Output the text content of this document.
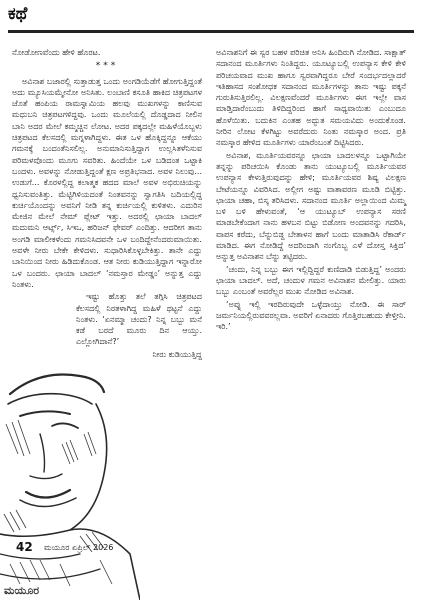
ಕಥೆ

ನೋಡೋಣವೆಂದು ಹೇಳಿ ಹೊರಟ.

***

ಅವಿನಾಶ ಬಜಾರಲ್ಲಿ ಸುತ್ತಾಡುತ್ತ ಒಂದು ಅಂಗಡಿಯೆಡೆಗೆ ಹೋಗುತ್ತಿದ್ದಂತೆ ಅದು ಮ್ಯೂಸಿಯಮ್ಮೇನೋ ಅನಿಸಿತು. ಲಂಬಾಣಿ ಕಸೂತಿ ಹಾಕಿದ ಚಿತ್ರಪಟಗಳ ಜೊತೆ ಹಂಪಿಯ ರಾಮಸ್ವಾಮಿಯ ಹಲವು ಮುಖಗಳನ್ನು ಕಾಣಿಸುವ ಮಧುಬನಿ ಚಿತ್ರಪಟಗಳಿದ್ದವು. ಒಂದು ಮೂಲೆಯಲ್ಲಿ ದೊಡ್ಡದಾದ ನೀಲಿನ ಬಾನಿ ಅದರ ಮೇಲೆ ಕಮ್ಮಚ್ಚಿನ ಲೋಟ. ಅದರ ಪಕ್ಕದಲ್ಲೇ ಮಹಿಳೆಯೊಬ್ಬಳು ಚಿತ್ರಪಟದ ಕೆಲಸದಲ್ಲಿ ಮಗ್ನಳಾಗಿದ್ದಳು. ಈತ ಒಳ ಹೊಕ್ಕಿದ್ದನ್ನೂ ಆಕೆಯು ಗಮನಕ್ಕೆ ಬಂದಂತೆನಿಸಲಿಲ್ಲ. ಅನುಮಾನಿಸುತ್ತಿದ್ದಾಗ ಉಲ್ಲಸಿತಳೆನಿಸುವ ಪರಿಮಳವೊಂದು ಮೂಗು ಸವರಿತು. ಹಿಂದೆಯೇ ಒಳ ಬಡಿದಂತ ಒಟ್ಟಾಕಿ ಬಂದಳು. ಅವಳನ್ನು ನೋಡುತ್ತಿದ್ದಂತೆ ಕ್ಷಣ ಅಪ್ರತಿಭನಾದ. ಅವಳ ನಿಲುವು... ಉಡುಗೆ... ಕೊರಳಲ್ಲಿದ್ದ ಕಲಾತ್ಮಕ ಹದದ ಮಾಲೆ ಅವಳ ಅಭಿರುಚಿಯನ್ನು ಧ್ವನಿಸುವಂತಿತ್ತು. ಮೆಟ್ಟಿಗಿಳಿಯದಂತೆ ನಿಂತವನನ್ನು ಸ್ವಾಗತಿಸಿ ಬದಿಯಲ್ಲಿದ್ದ ಕುರ್ಚಿಯೊಂದನ್ನು ಅವನಿಗೆ ನೀಡಿ ತನ್ನ ಕುರ್ಚಿಯಲ್ಲಿ ಕುಳಿತಳು. ಎದುರಿನ ಮೇಜಿನ ಮೇಲೆ ನೇಮ್ ಪ್ಲೇಟ್ ಇತ್ತು. ಅದರಲ್ಲಿ ಛಾಯಾ ಬಾದಲ್ ಮದುಮನಿ ಆರ್ಟ್ಸ್, ಸಿಇಒ, ಹರಿಜನ್ ಫೇವರ್ ಎಂದಿತ್ತು. ಆದರೀಗ ತಾನು ಅಂಗಡಿ ಮಾಲೀಕಳೆಂದು ಗಮನಿಸಿದವನೇ ಒಳ ಬಂದಿದ್ದೇನೆಂದರುಮಾಯಿತು. ಅವಳೇ ನೀರು ಬೇಕೇ ಕೇಳಿದಳು. ಸುಧಾರಿಸಿಕೊಳ್ಳಬೇಕಿತ್ತು. ತಾನೇ ಎದ್ದು ಬಾನಿಯಿಂದ ನೀರು ಹಿಡಿದುಕೊಂಡ. ಆತ ನೀರು ಕುಡಿಯುತ್ತಿದ್ದಾಗ ಇನ್ನಾರೋ ಒಳ ಬಂದರು. ಛಾಯಾ ಬಾದಲ್ ‘ನಮಸ್ತಾರ ಮೇಡ್ಡಂ’ ಅನ್ನುತ್ತ ಎದ್ದು ನಿಂತಳು.

ಇಷ್ಟು ಹೊತ್ತು ತಲೆ ತಗ್ಗಿಸಿ ಚಿತ್ರಪಟದ ಕೆಲಸದಲ್ಲಿ ನಿರತಳಾಗಿದ್ದ ಮಹಿಳೆ ಥಟ್ಟನೆ ಎದ್ದು ನಿಂತಳು. ‘ಏನಮ್ಮಾ ಚಂದು? ನಿನ್ನ ಬಬ್ಬು ಮನೆ ಕಡೆ ಬರದೆ ಮೂರು ದಿನ ಆಯ್ತು. ಎಲ್ಲೋಗಿದಾನೆ?’

ನೀರು ಕುಡಿಯುತ್ತಿದ್ದ

ಅವಿನಾಶನಿಗೆ ಈ ಸ್ವರ ಬಹಳ ಪರಿಚಿತ ಅನಿಸಿ ಹಿಂದಿರುಗಿ ನೋಡಿದ. ಸಾಕ್ಷಾತ್ ಸದಾನಂದ ಮೂರ್ತಿಗಳು ನಿಂತಿದ್ದರು. ಯೂಟ್ಯೂಬಲ್ಲಿ ಉಪನ್ಯಾಸ ಕೇಳಿ ಕೇಳಿ ಪರಿಚಯವಾದ ಮುಖ ಹಾಗೂ ಸ್ವರವಾಗಿದ್ದರೂ ಬೇರೆ ಸಂದರ್ಭದಲ್ಲಾದರೆ ಇತಿಹಾಸದ ಸಂಶೋಧಕ ಸದಾನಂದ ಮೂರ್ತಿಗಳನ್ನು ತಾನು ಇಷ್ಟು ಪಕ್ಕನೆ ಗುರುತಿಸುತ್ತಿರಲಿಲ್ಲ. ವಿಲಕ್ಷಣವೆಂದರೆ ಮೂರ್ತಿಗಳು ಈಗ ಇಲ್ಲೇ ವಾಸ ಮಾಡ್ತಿದಾರೆಂಬುದು ತಿಳಿದಿದ್ದರಿಂದ ಹಾಗೆ ಸಾಧ್ಯವಾಯಿತು ಎಂಬುದೂ ಹೊಳೆಯಿತು. ಬದುಕಿನ ಎಂತಹ ಅದ್ಭುತ ಸಮಯವಿದು ಅಂದುಕೊಂಡ. ನೀರಿನ ಲೋಟ ಕೆಳಗಿಟ್ಟು ಅವರೆದುರು ನಿಂತು ನಮಸ್ಕಾರ ಅಂದ. ಪ್ರತಿ ನಮಸ್ಕಾರ ಹೇಳಿದ ಮೂರ್ತಿಗಳು ಯಾರೆಂಬಂತೆ ದಿಟ್ಟಿಸಿದರು.

ಅವಿನಾಶ, ಮೂರ್ತಿಯವರನ್ನೂ ಛಾಯಾ ಬಾದಲಳನ್ನೂ ಒಟ್ಟಾಗಿಯೇ ತನ್ನನ್ನು ಪರಿಚಯಿಸಿ ಕೊಂಡು ತಾನು ಯುಟ್ಯೂಬಲ್ಲಿ ಮೂರ್ತಿಯವರ ಉಪನ್ಯಾಸ ಕೇಳುತ್ತಿರುವುದನ್ನು ಹೇಳಿ; ಮೂರ್ತಿಯವರ ಶಿಷ್ಯ ವಿಲಕ್ಷಣ ಬೇಟೆಯನ್ನೂ ವಿವರಿಸಿದ. ಅಲ್ಲೀಗ ಅಷ್ಟು ವಾತಾವರಣ ಮೂಡಿ ಬಿಟ್ಟಿತ್ತು. ಛಾಯಾ ಚಹಾ, ಬಿಸ್ಕ ತರಿಸಿದಳು. ಸದಾನಂದ ಮೂರ್ತಿ ಅಲ್ಲಾಯಿಂದ ಮಿಮ್ಮ ಬಳಿ ಬಳಿ ಹೇಳುವಂತೆ, ‘ಆ ಯುಟ್ಯೂಬ್ ಉಪನ್ಯಾಸ ಸರಣಿ ಮಾಡಬೇಕೆಂದಾಗ ನಾನು ಹಳಬನ ಬಿಟ್ಟು ಬಿಡೋಣ ಅಂದವನನ್ನು ಗದರಿಸಿ, ವಾಪಸ ಕರೆದು, ಬೆನ್ನುಬಿಡ್ದ ಬೇತಾಳನ ಹಾಗೆ ಬಂದು ಮಾತಾಡಿಸಿ ರೆಕಾರ್ಡ್ ಮಾಡಿದ. ಈಗ ನೋಡಿದ್ದೆ ಅದರಿಂದಾಗಿ ನಂಗೊಬ್ಬ ಎಳೆ ದೋಸ್ತ ಸಿಕ್ತಿದ’ ಅನ್ನುತ್ತ ಅವಿನಾಶನ ಬೆನ್ನು ತಟ್ಟಿದರು.

‘ಚಂದು, ನಿನ್ನ ಬಬ್ಬು ಈಗ ಇಲ್ಲಿದ್ದಿದ್ದರೆ ಕುಣಿದಾಡಿ ಬಿಡುತ್ತಿದ್ದ’ ಅಂದರು ಛಾಯಾ ಬಾದಲ್. ಅದೆ, ಚಂದುಳ ಗಮನ ಅವಿನಾಶನ ಮೇಲಿತ್ತು. ಯಾರು ಬಬ್ಬು ಎಂಬಂತೆ ಅವರೆಲ್ಲರ ಮುಖ ನೋಡಿದ ಅವಿನಾಶ.

‘ಅವ್ನು ಇಲ್ಲಿ ಇರದಿರುವುದೇ ಒಳ್ಳೆದಾಯ್ತು ನೋಡಿ. ಈ ಸಾರ್ ಜರ್ಮನಿಯಲ್ಲಿರುವವರಲ್ಲವಾ. ಅವರಿಗೆ ಏನಾದರು ಗೊತ್ತಿರಬಹುದು ಕೇಳ್ತೀನಿ. ಇರಿ.’

42 ಮಯೂರ ಏಪ್ರಿಲ್ 2026
ಮಯೂರ
